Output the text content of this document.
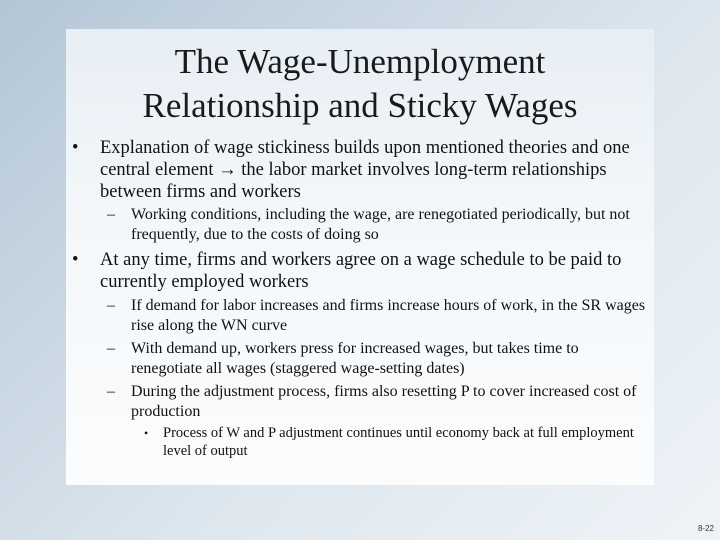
The Wage-Unemployment
Relationship and Sticky Wages
• Explanation of wage stickiness builds upon mentioned theories and one central element → the labor market involves long-term relationships between firms and workers
– Working conditions, including the wage, are renegotiated periodically, but not frequently, due to the costs of doing so
• At any time, firms and workers agree on a wage schedule to be paid to currently employed workers
– If demand for labor increases and firms increase hours of work, in the SR wages rise along the WN curve
– With demand up, workers press for increased wages, but takes time to renegotiate all wages (staggered wage-setting dates)
– During the adjustment process, firms also resetting P to cover increased cost of production
• Process of W and P adjustment continues until economy back at full employment level of output
8-22
